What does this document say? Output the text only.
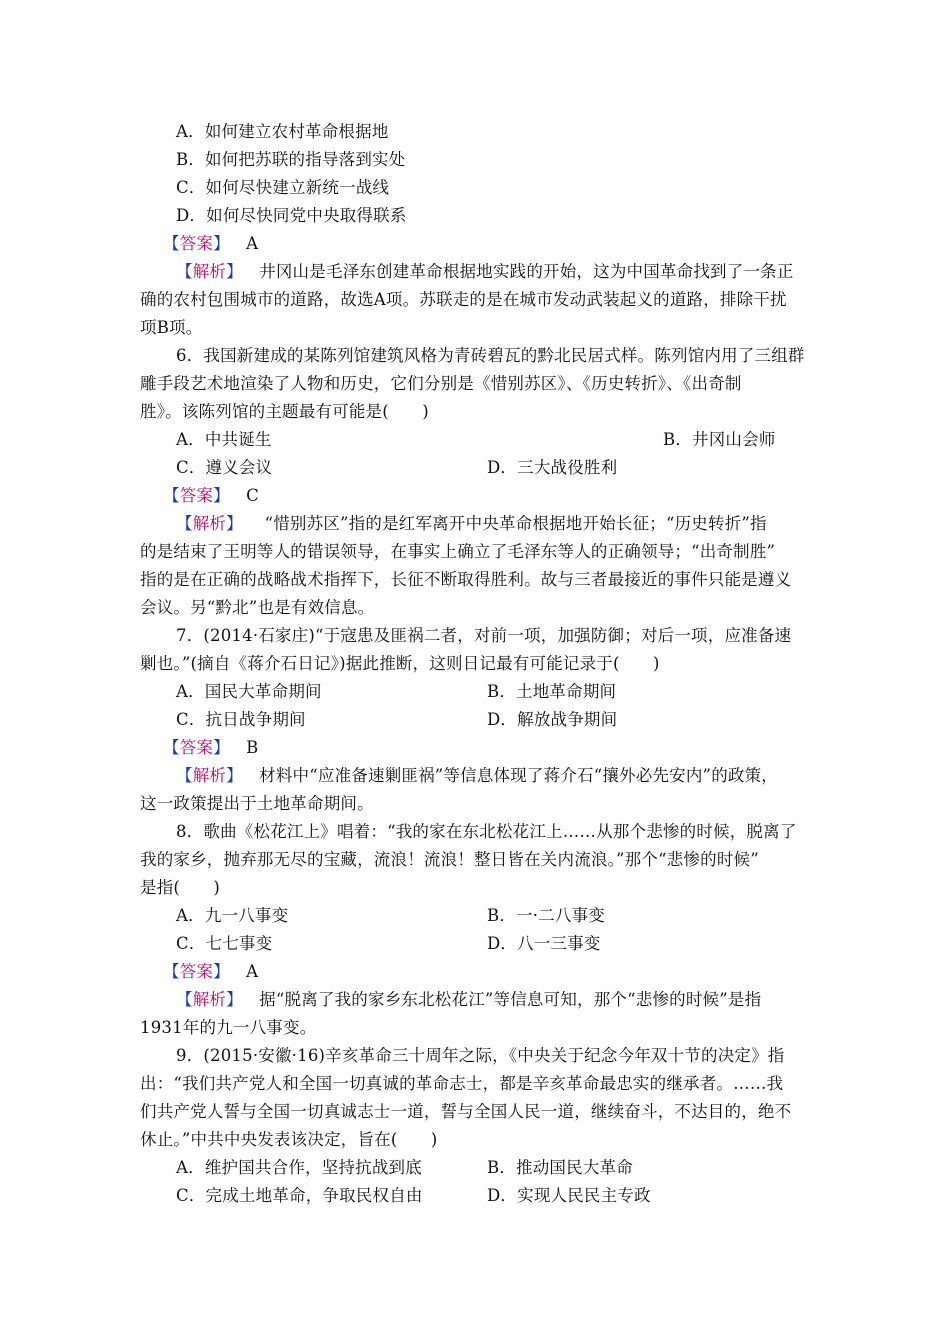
A．如何建立农村革命根据地
B．如何把苏联的指导落到实处
C．如何尽快建立新统一战线
D．如何尽快同党中央取得联系
【答案】 A
【解析】 井冈山是毛泽东创建革命根据地实践的开始，这为中国革命找到了一条正
确的农村包围城市的道路，故选A项。苏联走的是在城市发动武装起义的道路，排除干扰
项B项。
6．我国新建成的某陈列馆建筑风格为青砖碧瓦的黔北民居式样。陈列馆内用了三组群
雕手段艺术地渲染了人物和历史，它们分别是《惜别苏区》、《历史转折》、《出奇制
胜》。该陈列馆的主题最有可能是(　　)
A．中共诞生	B．井冈山会师
C．遵义会议	D．三大战役胜利
【答案】 C
【解析】 “惜别苏区”指的是红军离开中央革命根据地开始长征；“历史转折”指
的是结束了王明等人的错误领导，在事实上确立了毛泽东等人的正确领导；“出奇制胜”
指的是在正确的战略战术指挥下，长征不断取得胜利。故与三者最接近的事件只能是遵义
会议。另“黔北”也是有效信息。
7．(2014·石家庄)“于寇患及匪祸二者，对前一项，加强防御；对后一项，应准备速
剿也。”(摘自《蒋介石日记》)据此推断，这则日记最有可能记录于(　　)
A．国民大革命期间	B．土地革命期间
C．抗日战争期间	D．解放战争期间
【答案】 B
【解析】 材料中“应准备速剿匪祸”等信息体现了蒋介石“攘外必先安内”的政策，
这一政策提出于土地革命期间。
8．歌曲《松花江上》唱着：“我的家在东北松花江上……从那个悲惨的时候，脱离了
我的家乡，抛弃那无尽的宝藏，流浪！流浪！整日皆在关内流浪。”那个“悲惨的时候”
是指(　　)
A．九一八事变	B．一·二八事变
C．七七事变	D．八一三事变
【答案】 A
【解析】 据“脱离了我的家乡东北松花江”等信息可知，那个“悲惨的时候”是指
1931年的九一八事变。
9．(2015·安徽·16)辛亥革命三十周年之际，《中央关于纪念今年双十节的决定》指
出：“我们共产党人和全国一切真诚的革命志士，都是辛亥革命最忠实的继承者。……我
们共产党人誓与全国一切真诚志士一道，誓与全国人民一道，继续奋斗，不达目的，绝不
休止。”中共中央发表该决定，旨在(　　)
A．维护国共合作，坚持抗战到底	B．推动国民大革命
C．完成土地革命，争取民权自由	D．实现人民民主专政
